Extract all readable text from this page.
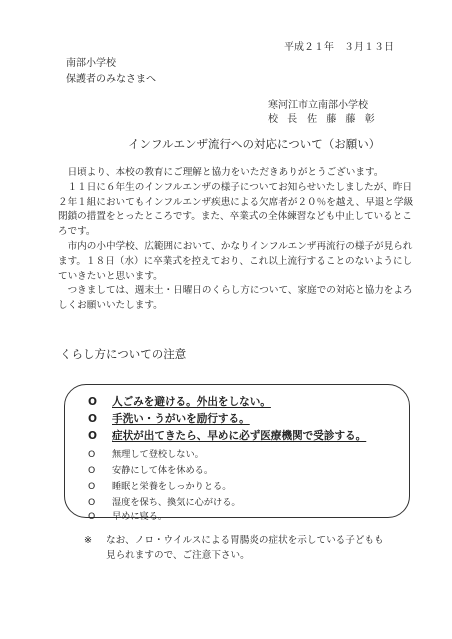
平成２１年　３月１３日
南部小学校
保護者のみなさまへ
寒河江市立南部小学校
校 長　佐 藤 藤 彰
インフルエンザ流行への対応について（お願い）

日頃より、本校の教育にご理解と協力をいただきありがとうございます。

１１日に６年生のインフルエンザの様子についてお知らせいたしましたが、昨日２年１組においてもインフルエンザ疾患による欠席者が２０％を越え、早退と学級閉鎖の措置をとったところです。また、卒業式の全体練習なども中止しているところです。

市内の小中学校、広範囲において、かなりインフルエンザ再流行の様子が見られます。１８日（水）に卒業式を控えており、これ以上流行することのないようにしていきたいと思います。

つきましては、週末土・日曜日のくらし方について、家庭での対応と協力をよろしくお願いいたします。

くらし方についての注意
O 人ごみを避ける。外出をしない。
O 手洗い・うがいを励行する。
O 症状が出てきたら、早めに必ず医療機関で受診する。
O 無理して登校しない。
O 安静にして体を休める。
O 睡眠と栄養をしっかりとる。
O 湿度を保ち、換気に心がける。
O 早めに寝る。
※ なお、ノロ・ウイルスによる胃腸炎の症状を示している子どもも
見られますので、ご注意下さい。
